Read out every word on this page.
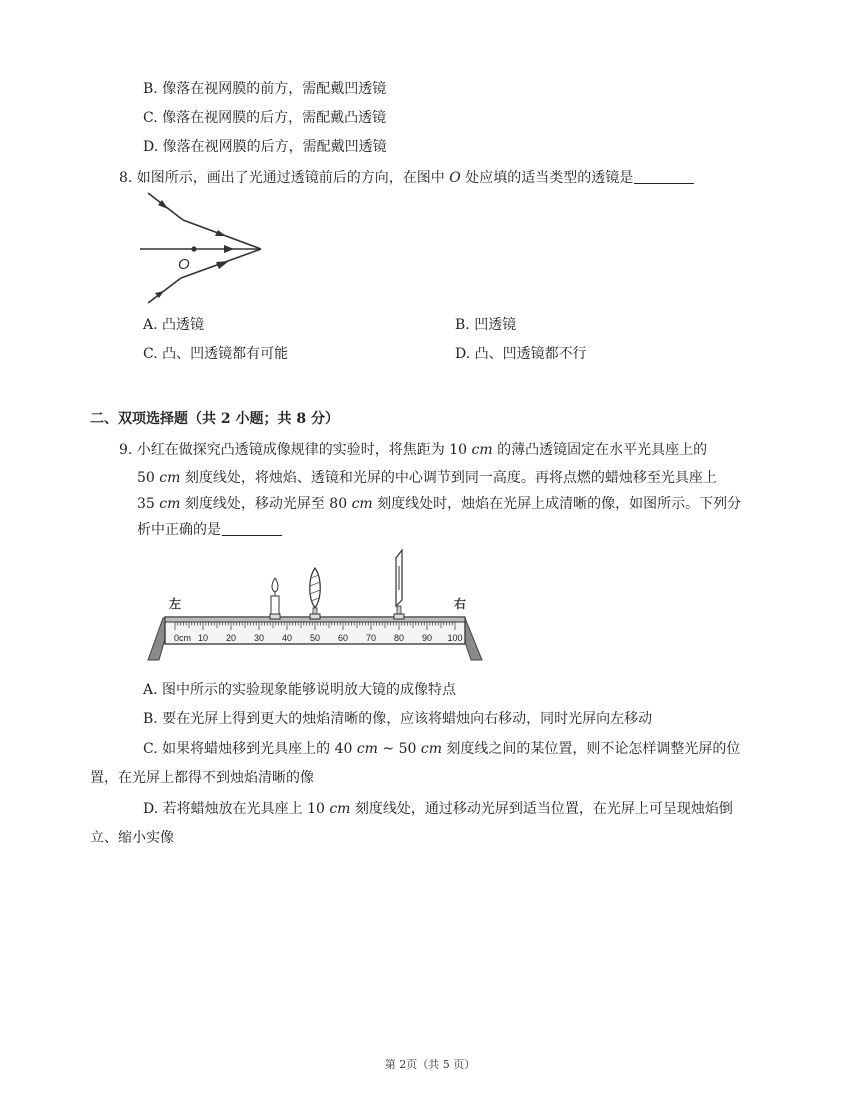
B. 像落在视网膜的前方，需配戴凹透镜
C. 像落在视网膜的后方，需配戴凸透镜
D. 像落在视网膜的后方，需配戴凹透镜
8. 如图所示，画出了光通过透镜前后的方向，在图中 O 处应填的适当类型的透镜是
O
A. 凸透镜	B. 凹透镜
C. 凸、凹透镜都有可能	D. 凸、凹透镜都不行
二、双项选择题（共 2 小题；共 8 分）
9. 小红在做探究凸透镜成像规律的实验时，将焦距为 10 cm 的薄凸透镜固定在水平光具座上的
50 cm 刻度线处，将烛焰、透镜和光屏的中心调节到同一高度。再将点燃的蜡烛移至光具座上
35 cm 刻度线处，移动光屏至 80 cm 刻度线处时，烛焰在光屏上成清晰的像，如图所示。下列分
析中正确的是
左	右
10 20 30 40 50 60 70 80 90 100
0cm
A. 图中所示的实验现象能够说明放大镜的成像特点
B. 要在光屏上得到更大的烛焰清晰的像，应该将蜡烛向右移动，同时光屏向左移动
C. 如果将蜡烛移到光具座上的 40 cm ~ 50 cm 刻度线之间的某位置，则不论怎样调整光屏的位
置，在光屏上都得不到烛焰清晰的像
D. 若将蜡烛放在光具座上 10 cm 刻度线处，通过移动光屏到适当位置，在光屏上可呈现烛焰倒
立、缩小实像
第 2页（共 5 页）
